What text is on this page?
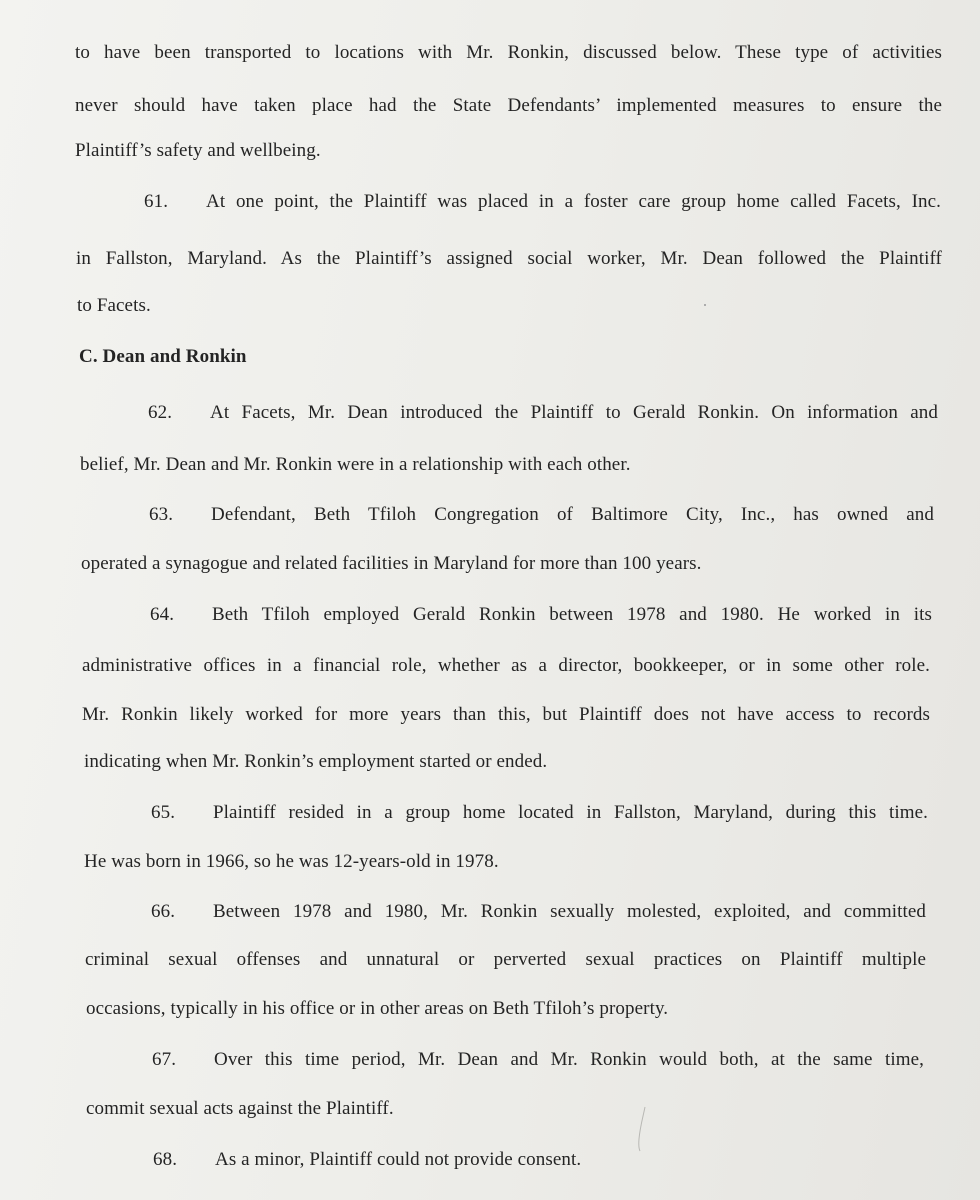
to have been transported to locations with Mr. Ronkin, discussed below. These type of activities
never should have taken place had the State Defendants’ implemented measures to ensure the
Plaintiff’s safety and wellbeing.
61. At one point, the Plaintiff was placed in a foster care group home called Facets, Inc.
in Fallston, Maryland. As the Plaintiff’s assigned social worker, Mr. Dean followed the Plaintiff
to Facets.
C. Dean and Ronkin
62. At Facets, Mr. Dean introduced the Plaintiff to Gerald Ronkin. On information and
belief, Mr. Dean and Mr. Ronkin were in a relationship with each other.
63. Defendant, Beth Tfiloh Congregation of Baltimore City, Inc., has owned and
operated a synagogue and related facilities in Maryland for more than 100 years.
64. Beth Tfiloh employed Gerald Ronkin between 1978 and 1980. He worked in its
administrative offices in a financial role, whether as a director, bookkeeper, or in some other role.
Mr. Ronkin likely worked for more years than this, but Plaintiff does not have access to records
indicating when Mr. Ronkin’s employment started or ended.
65. Plaintiff resided in a group home located in Fallston, Maryland, during this time.
He was born in 1966, so he was 12-years-old in 1978.
66. Between 1978 and 1980, Mr. Ronkin sexually molested, exploited, and committed
criminal sexual offenses and unnatural or perverted sexual practices on Plaintiff multiple
occasions, typically in his office or in other areas on Beth Tfiloh’s property.
67. Over this time period, Mr. Dean and Mr. Ronkin would both, at the same time,
commit sexual acts against the Plaintiff.
68. As a minor, Plaintiff could not provide consent.
